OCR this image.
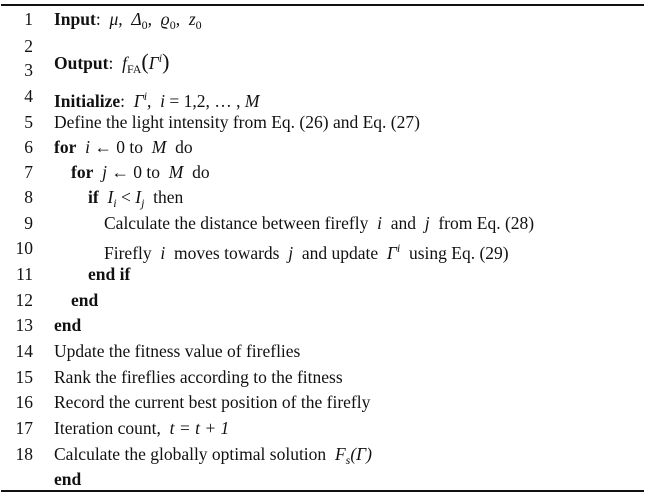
1 Input: μ, $\Delta_0$, $ϱ_0$, $z_0$
2
Output: $f_{FA}(\Gamma^i)$
3
4 Initialize: $\Gamma^i$, i = 1,2, … , M
5 Define the light intensity from Eq. (26) and Eq. (27)
6 for i ← 0 to M do
7 for j ← 0 to M do
8	if $I_i < I_j$ then
9	Calculate the distance between firefly i and j from Eq. (28)
10	Firefly i moves towards j and update $\Gamma^i$ using Eq. (29)
11	end if
12 end
13 end
14 Update the fitness value of fireflies
15 Rank the fireflies according to the fitness
16 Record the current best position of the firefly
17 Iteration count, t = t + 1
18 Calculate the globally optimal solution $F_s(\Gamma)$
end
